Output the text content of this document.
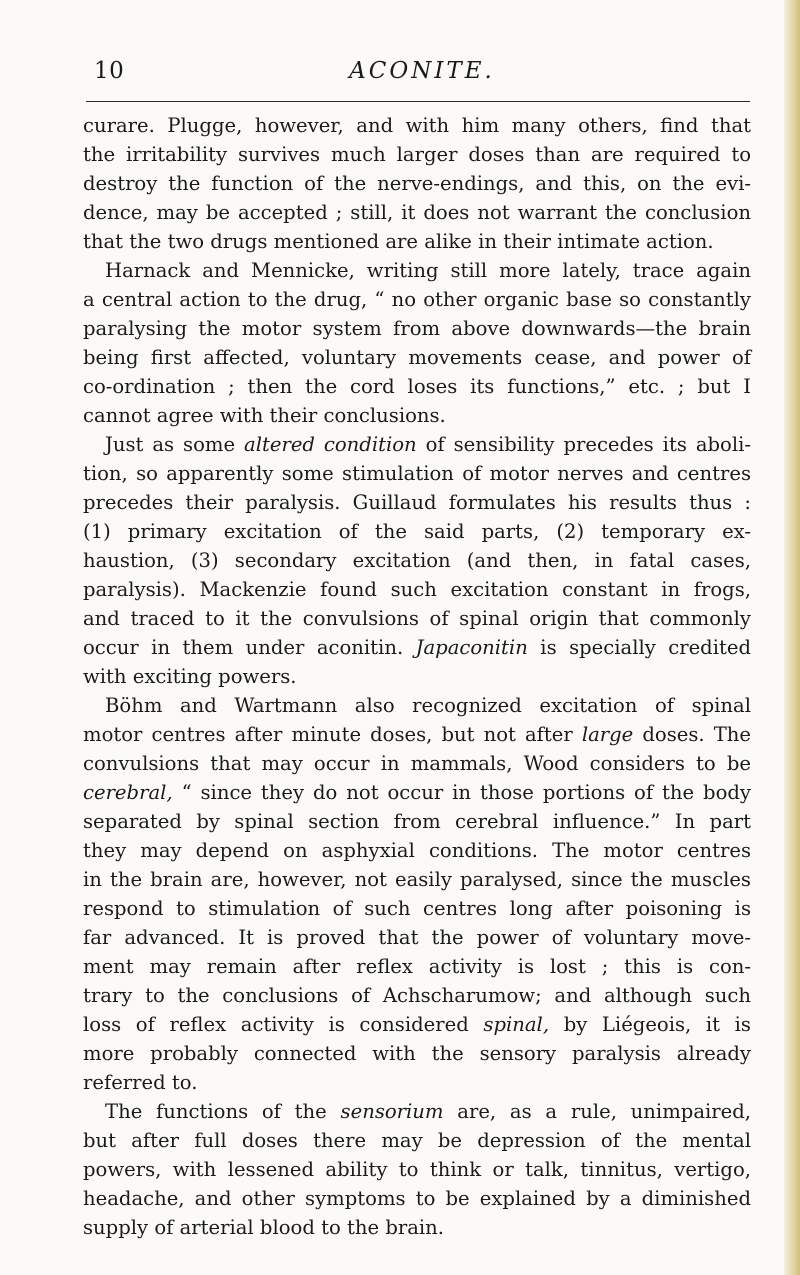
10	ACONITE.
curare. Plugge, however, and with him many others, find that
the irritability survives much larger doses than are required to
destroy the function of the nerve-endings, and this, on the evi-
dence, may be accepted ; still, it does not warrant the conclusion
that the two drugs mentioned are alike in their intimate action.
Harnack and Mennicke, writing still more lately, trace again
a central action to the drug, “ no other organic base so constantly
paralysing the motor system from above downwards—the brain
being first affected, voluntary movements cease, and power of
co-ordination ; then the cord loses its functions,” etc. ; but I
cannot agree with their conclusions.
Just as some altered condition of sensibility precedes its aboli-
tion, so apparently some stimulation of motor nerves and centres
precedes their paralysis. Guillaud formulates his results thus :
(1) primary excitation of the said parts, (2) temporary ex-
haustion, (3) secondary excitation (and then, in fatal cases,
paralysis). Mackenzie found such excitation constant in frogs,
and traced to it the convulsions of spinal origin that commonly
occur in them under aconitin. Japaconitin is specially credited
with exciting powers.
Böhm and Wartmann also recognized excitation of spinal
motor centres after minute doses, but not after large doses. The
convulsions that may occur in mammals, Wood considers to be
cerebral, “ since they do not occur in those portions of the body
separated by spinal section from cerebral influence.” In part
they may depend on asphyxial conditions. The motor centres
in the brain are, however, not easily paralysed, since the muscles
respond to stimulation of such centres long after poisoning is
far advanced. It is proved that the power of voluntary move-
ment may remain after reflex activity is lost ; this is con-
trary to the conclusions of Achscharumow; and although such
loss of reflex activity is considered spinal, by Liégeois, it is
more probably connected with the sensory paralysis already
referred to.
The functions of the sensorium are, as a rule, unimpaired,
but after full doses there may be depression of the mental
powers, with lessened ability to think or talk, tinnitus, vertigo,
headache, and other symptoms to be explained by a diminished
supply of arterial blood to the brain.
